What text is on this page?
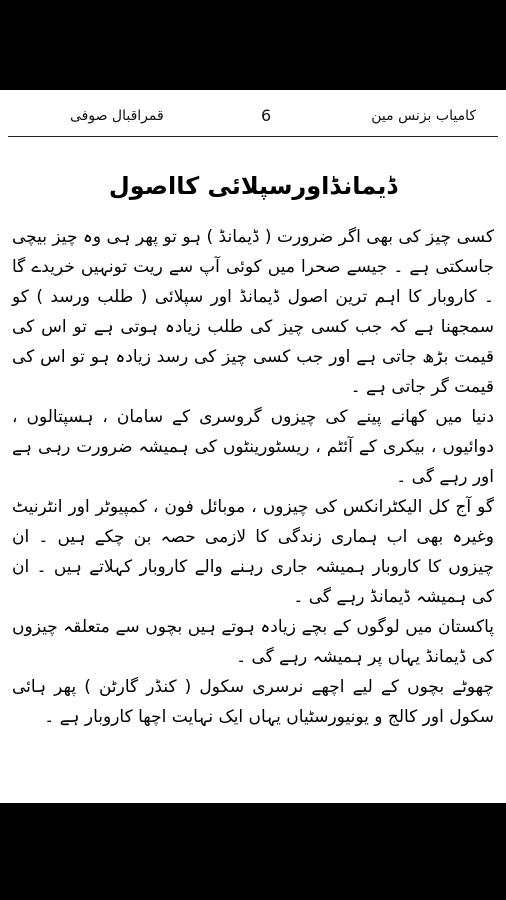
کامیاب بزنس مین
6
قمراقبال صوفی
ڈیمانڈاورسپلائی کااصول

کسی چیز کی بھی اگر ضرورت ( ڈیمانڈ ) ہو تو پھر ہی وہ چیز بیچی جاسکتی ہے ۔ جیسے صحرا میں کوئی آپ سے ریت تونہیں خریدے گا ۔ کاروبار کا اہم ترین اصول ڈیمانڈ اور سپلائی ( طلب ورسد ) کو سمجھنا ہے کہ جب کسی چیز کی طلب زیادہ ہوتی ہے تو اس کی قیمت بڑھ جاتی ہے اور جب کسی چیز کی رسد زیادہ ہو تو اس کی قیمت گر جاتی ہے ۔

دنیا میں کھانے پینے کی چیزوں گروسری کے سامان ، ہسپتالوں ، دوائیوں ، بیکری کے آئٹم ، ریسٹورینٹوں کی ہمیشہ ضرورت رہی ہے اور رہے گی ۔

گو آج کل الیکٹرانکس کی چیزوں ، موبائل فون ، کمپیوٹر اور انٹرنیٹ وغیرہ بھی اب ہماری زندگی کا لازمی حصہ بن چکے ہیں ۔ ان چیزوں کا کاروبار ہمیشہ جاری رہنے والے کاروبار کہلاتے ہیں ۔ ان کی ہمیشہ ڈیمانڈ رہے گی ۔

پاکستان میں لوگوں کے بچے زیادہ ہوتے ہیں بچوں سے متعلقہ چیزوں کی ڈیمانڈ یہاں پر ہمیشہ رہے گی ۔

چھوٹے بچوں کے لیے اچھے نرسری سکول ( کنڈر گارٹن ) پھر ہائی سکول اور کالج و یونیورسٹیاں یہاں ایک نہایت اچھا کاروبار ہے ۔
